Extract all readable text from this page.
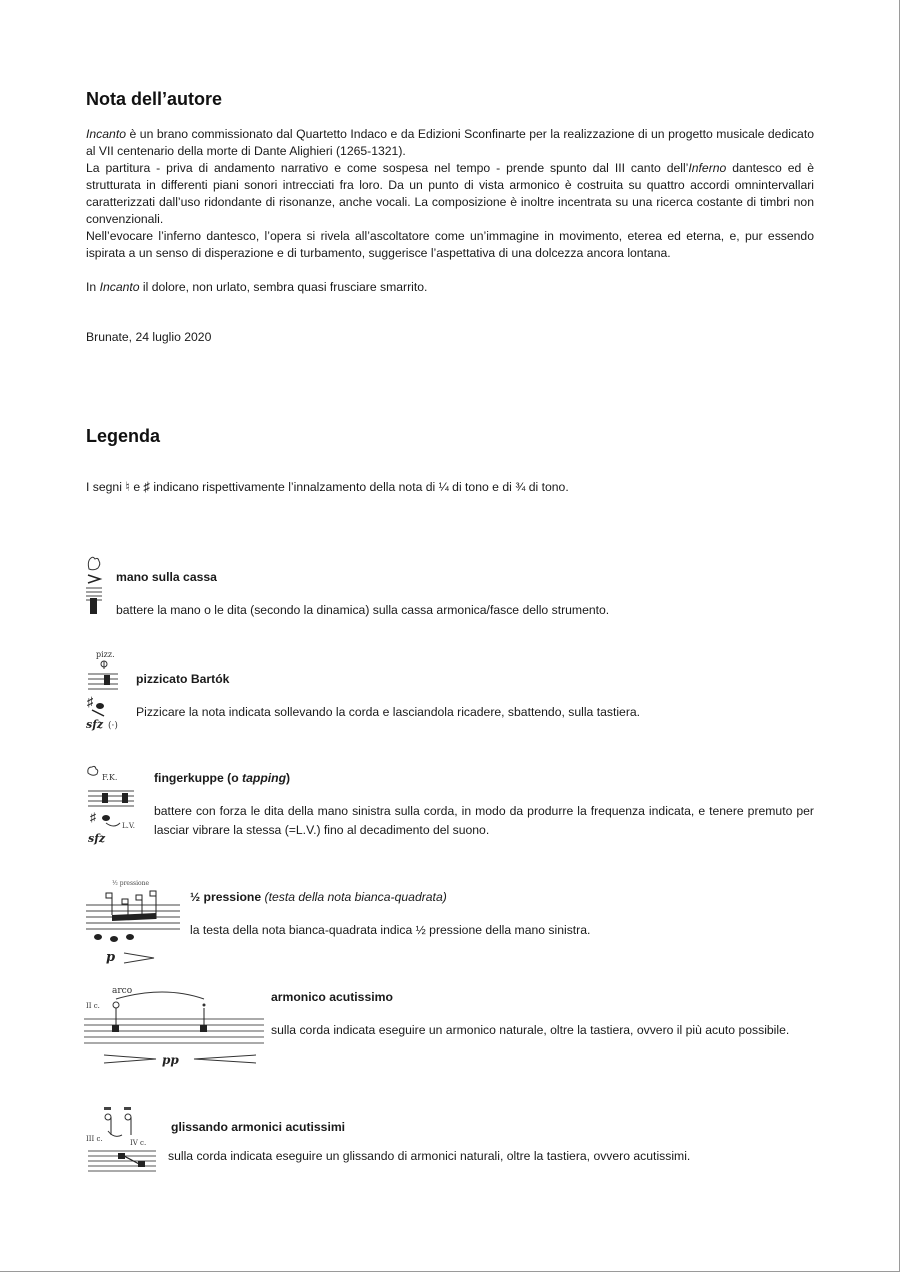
Nota dell’autore

Incanto è un brano commissionato dal Quartetto Indaco e da Edizioni Sconfinarte per la realizzazione di un progetto musicale dedicato al VII centenario della morte di Dante Alighieri (1265-1321).

La partitura - priva di andamento narrativo e come sospesa nel tempo - prende spunto dal III canto dell’Inferno dantesco ed è strutturata in differenti piani sonori intrecciati fra loro. Da un punto di vista armonico è costruita su quattro accordi omnintervallari caratterizzati dall’uso ridondante di risonanze, anche vocali. La composizione è inoltre incentrata su una ricerca costante di timbri non convenzionali.

Nell’evocare l’inferno dantesco, l’opera si rivela all’ascoltatore come un’immagine in movimento, eterea ed eterna, e, pur essendo ispirata a un senso di disperazione e di turbamento, suggerisce l’aspettativa di una dolcezza ancora lontana.

In Incanto il dolore, non urlato, sembra quasi frusciare smarrito.

Brunate, 24 luglio 2020
Legenda
I segni ♮ e ♯ indicano rispettivamente l’innalzamento della nota di ¼ di tono e di ¾ di tono.
mano sulla cassa

battere la mano o le dita (secondo la dinamica) sulla cassa armonica/fasce dello strumento.

pizz.
♯
sfz (·)
pizzicato Bartók

Pizzicare la nota indicata sollevando la corda e lasciandola ricadere, sbattendo, sulla tastiera.

F.K.
♯
L.V.
sfz
fingerkuppe (o tapping)

battere con forza le dita della mano sinistra sulla corda, in modo da produrre la frequenza indicata, e tenere premuto per lasciar vibrare la stessa (=L.V.) fino al decadimento del suono.

½ pressione
p
½ pressione (testa della nota bianca-quadrata)

la testa della nota bianca-quadrata indica ½ pressione della mano sinistra.

arco
II c.
pp
armonico acutissimo

sulla corda indicata eseguire un armonico naturale, oltre la tastiera, ovvero il più acuto possibile.

III c.	IV c.
glissando armonici acutissimi

sulla corda indicata eseguire un glissando di armonici naturali, oltre la tastiera, ovvero acutissimi.
